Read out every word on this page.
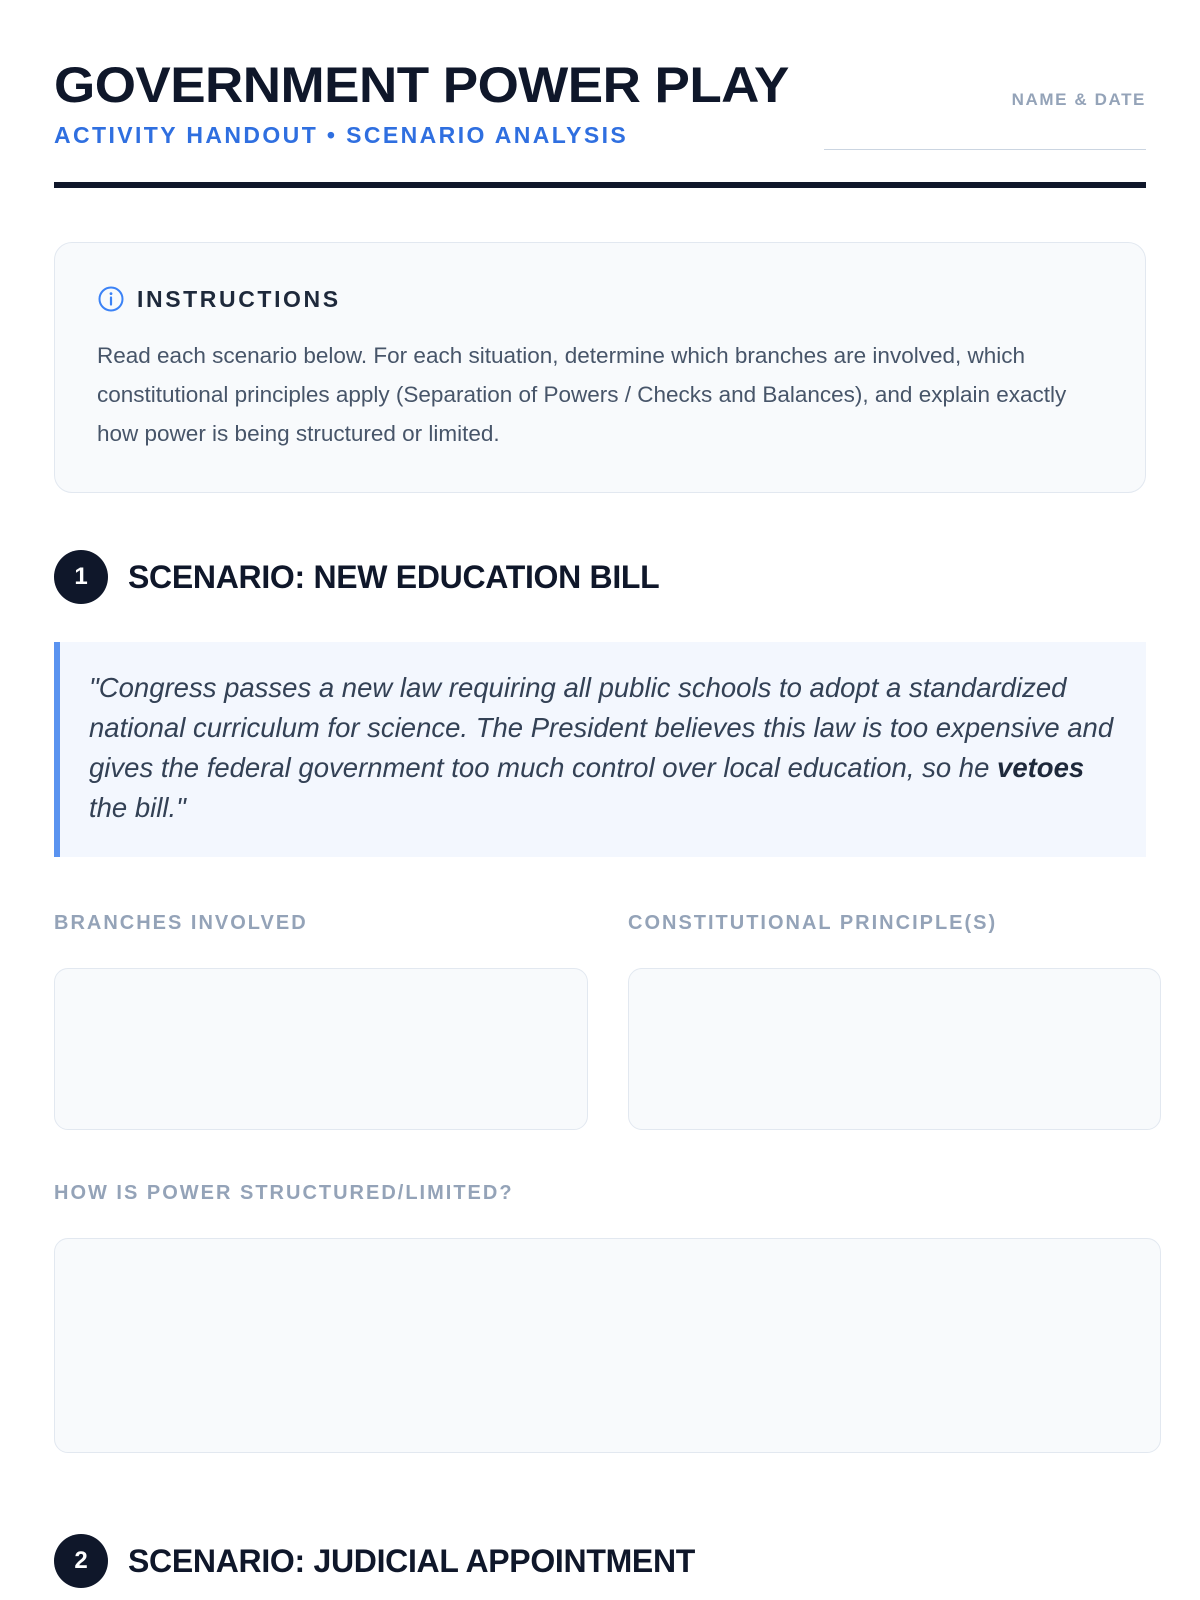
GOVERNMENT POWER PLAY
ACTIVITY HANDOUT • SCENARIO ANALYSIS
NAME & DATE
INSTRUCTIONS
Read each scenario below. For each situation, determine which branches are involved, which constitutional principles apply (Separation of Powers / Checks and Balances), and explain exactly how power is being structured or limited.
1	SCENARIO: NEW EDUCATION BILL
"Congress passes a new law requiring all public schools to adopt a standardized national curriculum for science. The President believes this law is too expensive and gives the federal government too much control over local education, so he vetoes the bill."
BRANCHES INVOLVED	CONSTITUTIONAL PRINCIPLE(S)
HOW IS POWER STRUCTURED/LIMITED?
2	SCENARIO: JUDICIAL APPOINTMENT
